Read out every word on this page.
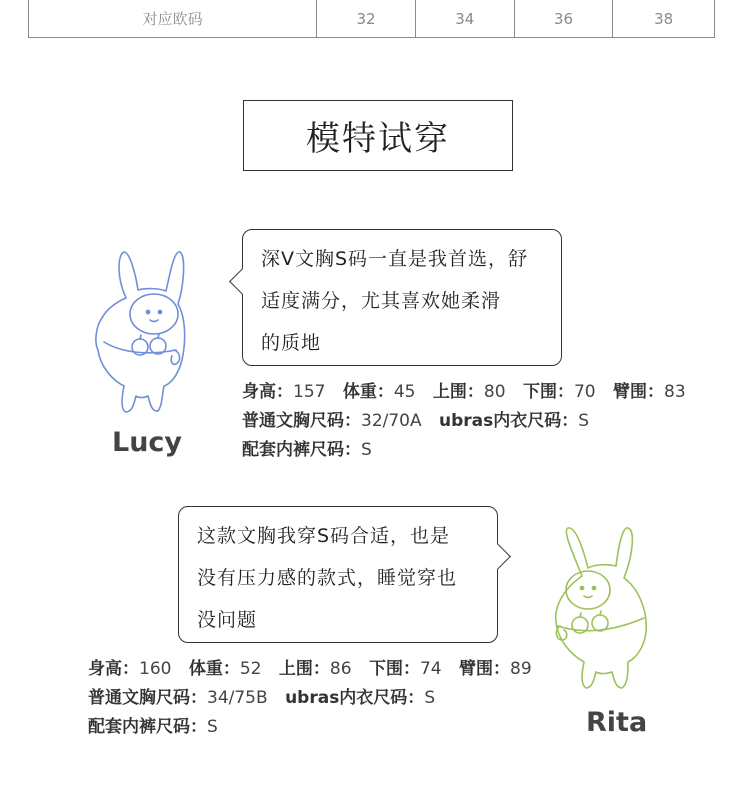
对应欧码	32	34	36	38
模特试穿
深V文胸S码一直是我首选，舒
适度满分，尤其喜欢她柔滑
的质地
身高：157 体重：45 上围：80 下围：70 臂围：83
普通文胸尺码：32/70A ubras内衣尺码：S
配套内裤尺码：S
Lucy
这款文胸我穿S码合适，也是
没有压力感的款式，睡觉穿也
没问题
身高：160 体重：52 上围：86 下围：74 臂围：89
普通文胸尺码：34/75B ubras内衣尺码：S
配套内裤尺码：S	Rita
